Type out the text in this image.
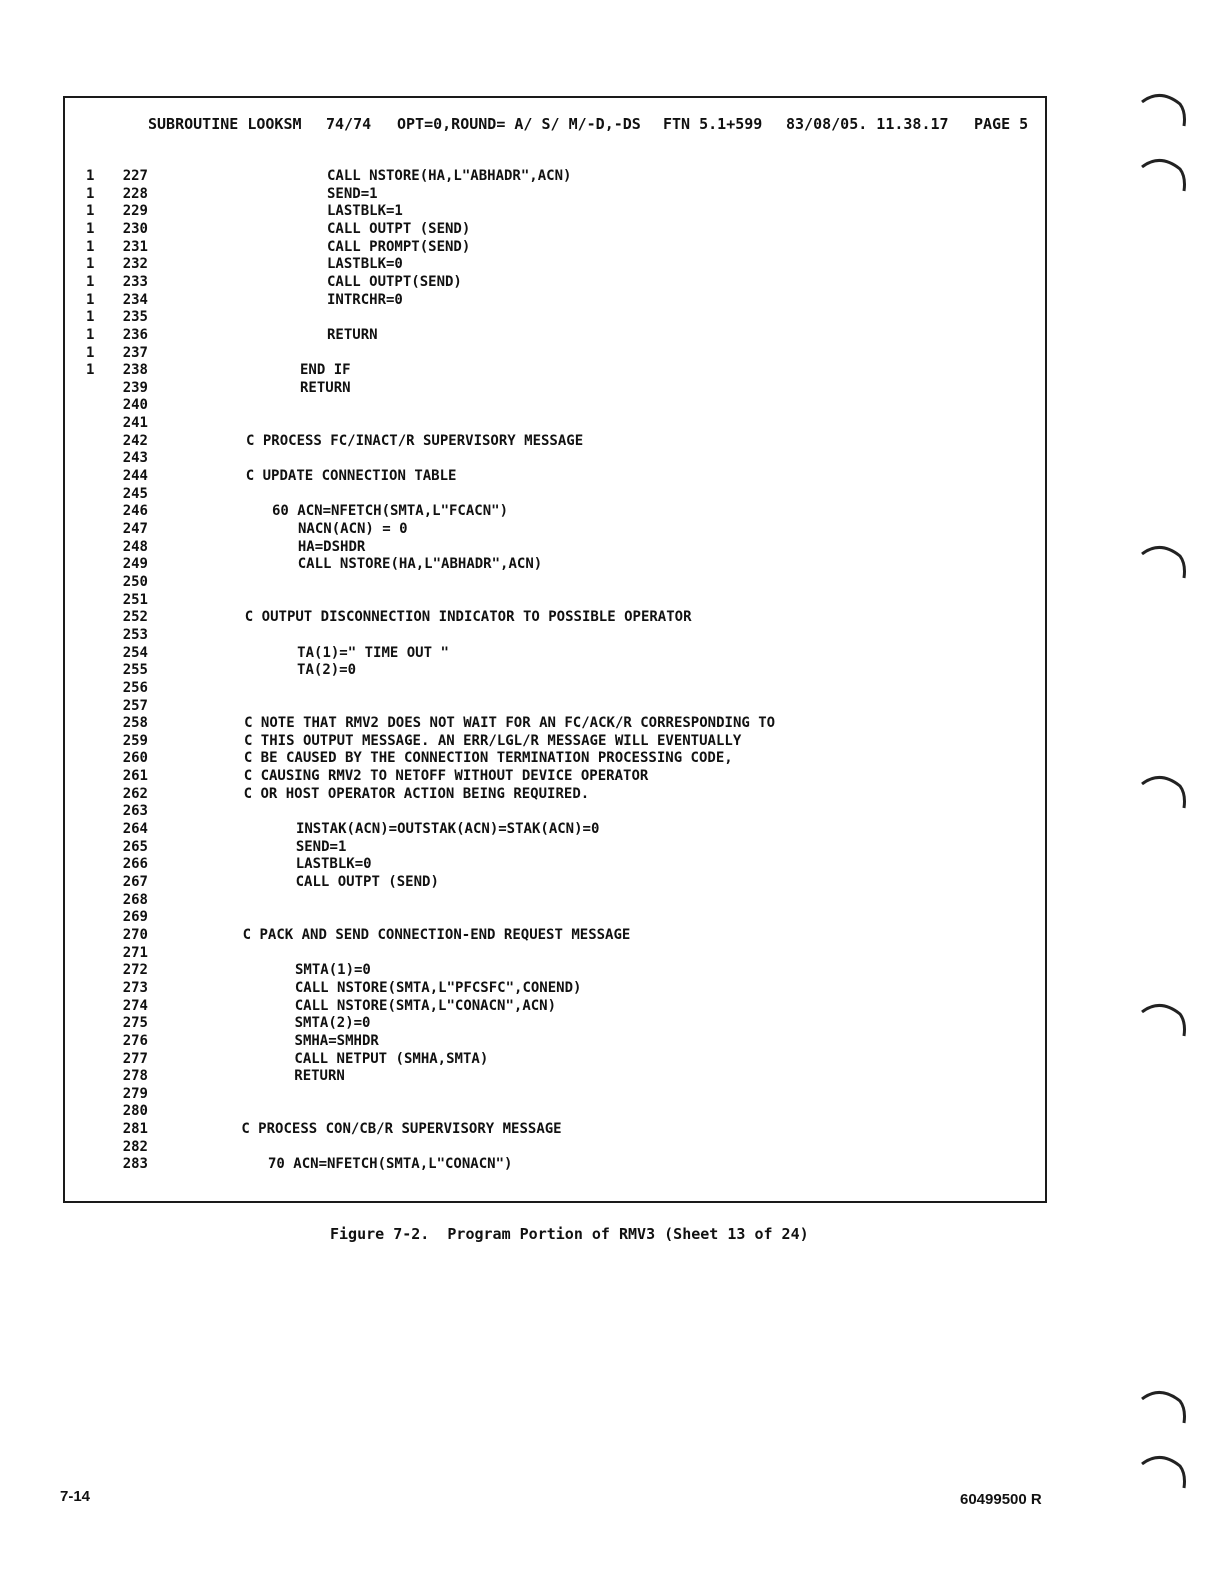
SUBROUTINE LOOKSM

74/74

OPT=0,ROUND= A/ S/ M/-D,-DS

FTN 5.1+599

83/08/05. 11.38.17

PAGE 5

1	227	CALL NSTORE(HA,L"ABHADR",ACN)
1	228	SEND=1
1	229	LASTBLK=1
1	230	CALL OUTPT (SEND)
1	231	CALL PROMPT(SEND)
1	232	LASTBLK=0
1	233	CALL OUTPT(SEND)
1	234	INTRCHR=0
1	235
1	236	RETURN
1	237
1	238	END IF
239	RETURN
240
241
242	C PROCESS FC/INACT/R SUPERVISORY MESSAGE
243
244	C UPDATE CONNECTION TABLE
245
246	60 ACN=NFETCH(SMTA,L"FCACN")
247	NACN(ACN) = 0
248	HA=DSHDR
249	CALL NSTORE(HA,L"ABHADR",ACN)
250
251
252	C OUTPUT DISCONNECTION INDICATOR TO POSSIBLE OPERATOR
253
254	TA(1)=" TIME OUT "
255	TA(2)=0
256
257
258	C NOTE THAT RMV2 DOES NOT WAIT FOR AN FC/ACK/R CORRESPONDING TO
259	C THIS OUTPUT MESSAGE. AN ERR/LGL/R MESSAGE WILL EVENTUALLY
260	C BE CAUSED BY THE CONNECTION TERMINATION PROCESSING CODE,
261	C CAUSING RMV2 TO NETOFF WITHOUT DEVICE OPERATOR
262	C OR HOST OPERATOR ACTION BEING REQUIRED.
263
264	INSTAK(ACN)=OUTSTAK(ACN)=STAK(ACN)=0
265	SEND=1
266	LASTBLK=0
267	CALL OUTPT (SEND)
268
269
270	C PACK AND SEND CONNECTION-END REQUEST MESSAGE
271
272	SMTA(1)=0
273	CALL NSTORE(SMTA,L"PFCSFC",CONEND)
274	CALL NSTORE(SMTA,L"CONACN",ACN)
275	SMTA(2)=0
276	SMHA=SMHDR
277	CALL NETPUT (SMHA,SMTA)
278	RETURN
279
280
281	C PROCESS CON/CB/R SUPERVISORY MESSAGE
282
283	70 ACN=NFETCH(SMTA,L"CONACN")
Figure 7-2.  Program Portion of RMV3 (Sheet 13 of 24)
7-14	60499500 R
